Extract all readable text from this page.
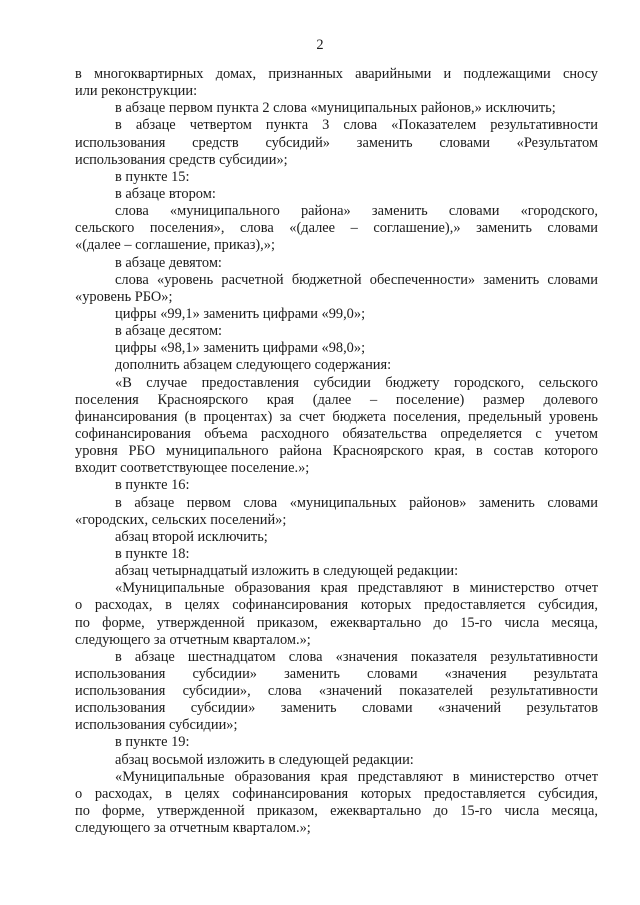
2
в многоквартирных домах, признанных аварийными и подлежащими сносу
или реконструкции:
в абзаце первом пункта 2 слова «муниципальных районов,» исключить;
в абзаце четвертом пункта 3 слова «Показателем результативности
использования средств субсидий» заменить словами «Результатом
использования средств субсидии»;
в пункте 15:
в абзаце втором:
слова «муниципального района» заменить словами «городского,
сельского поселения», слова «(далее – соглашение),» заменить словами
«(далее – соглашение, приказ),»;
в абзаце девятом:
слова «уровень расчетной бюджетной обеспеченности» заменить словами
«уровень РБО»;
цифры «99,1» заменить цифрами «99,0»;
в абзаце десятом:
цифры «98,1» заменить цифрами «98,0»;
дополнить абзацем следующего содержания:
«В случае предоставления субсидии бюджету городского, сельского
поселения Красноярского края (далее – поселение) размер долевого
финансирования (в процентах) за счет бюджета поселения, предельный уровень
софинансирования объема расходного обязательства определяется с учетом
уровня РБО муниципального района Красноярского края, в состав которого
входит соответствующее поселение.»;
в пункте 16:
в абзаце первом слова «муниципальных районов» заменить словами
«городских, сельских поселений»;
абзац второй исключить;
в пункте 18:
абзац четырнадцатый изложить в следующей редакции:
«Муниципальные образования края представляют в министерство отчет
о расходах, в целях софинансирования которых предоставляется субсидия,
по форме, утвержденной приказом, ежеквартально до 15-го числа месяца,
следующего за отчетным кварталом.»;
в абзаце шестнадцатом слова «значения показателя результативности
использования субсидии» заменить словами «значения результата
использования субсидии», слова «значений показателей результативности
использования субсидии» заменить словами «значений результатов
использования субсидии»;
в пункте 19:
абзац восьмой изложить в следующей редакции:
«Муниципальные образования края представляют в министерство отчет
о расходах, в целях софинансирования которых предоставляется субсидия,
по форме, утвержденной приказом, ежеквартально до 15-го числа месяца,
следующего за отчетным кварталом.»;
